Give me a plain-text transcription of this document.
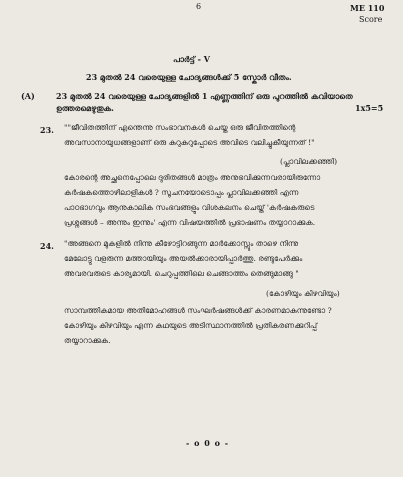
6	ME 110
Score
പാർട്ട് - V
23 മുതൽ 24 വരെയുള്ള ചോദ്യങ്ങൾക്ക് 5 സ്കോർ വീതം.
(A)	23 മുതൽ 24 വരെയുള്ള ചോദ്യങ്ങളിൽ 1 എണ്ണത്തിന് ഒരു പുറത്തിൽ കവിയാതെ
ഉത്തരമെഴുതുക.	1x5=5
23. ""ജീവിതത്തിന് എന്തെന്നു സംഭാവനകൾ ചെയ്ത ഒരു ജീവിതത്തിന്റെ
അവസാനായുധങ്ങളാണ് ഒരു കുറുകുറുപ്പോടെ അവിടെ വലിച്ചുകീയുന്നത് !"
(പ്ലാവിലക്കഞ്ഞി)
കോരന്റെ അച്ഛനെപ്പോലെ ദുരിതങ്ങൾ മാത്രം അനുഭവിക്കുന്നവരായിരുന്നോ
കർഷകത്തൊഴിലാളികൾ ? സൂചനയോടൊപ്പം പ്ലാവിലക്കഞ്ഞി എന്ന
പാഠഭാഗവും ആനുകാലിക സംഭവങ്ങളും വിശകലനം ചെയ്ത് 'കർഷകരുടെ
പ്രശ്നങ്ങൾ – അന്നും ഇന്നും' എന്ന വിഷയത്തിൽ പ്രഭാഷണം തയ്യാറാക്കുക.
24. "അങ്ങനെ മുകളിൽ നിന്നു കീഴോട്ടിറങ്ങുന്ന മാർക്കോസ്സും താഴെ നിന്നു
മേലോട്ടു വളരുന്ന മത്തായിയും അയൽക്കാരായിപ്പാർത്തു. രണ്ടുപേർക്കും
അവരവരുടെ കാര്യമായി. ചെറുപ്പത്തിലെ ചെങ്ങാത്തം തെങ്ങുമാങ്ങു "
(കോഴിയും കിഴവിയും)
സാമ്പത്തികമായ അതിമോഹങ്ങൾ സംഘർഷങ്ങൾക്ക് കാരണമാകുന്നുണ്ടോ ?
കോഴിയും കിഴവിയും എന്ന കഥയുടെ അടിസ്ഥാനത്തിൽ പ്രതികരണക്കുറിപ്പ്
തയ്യാറാക്കുക.
- o 0 o -
